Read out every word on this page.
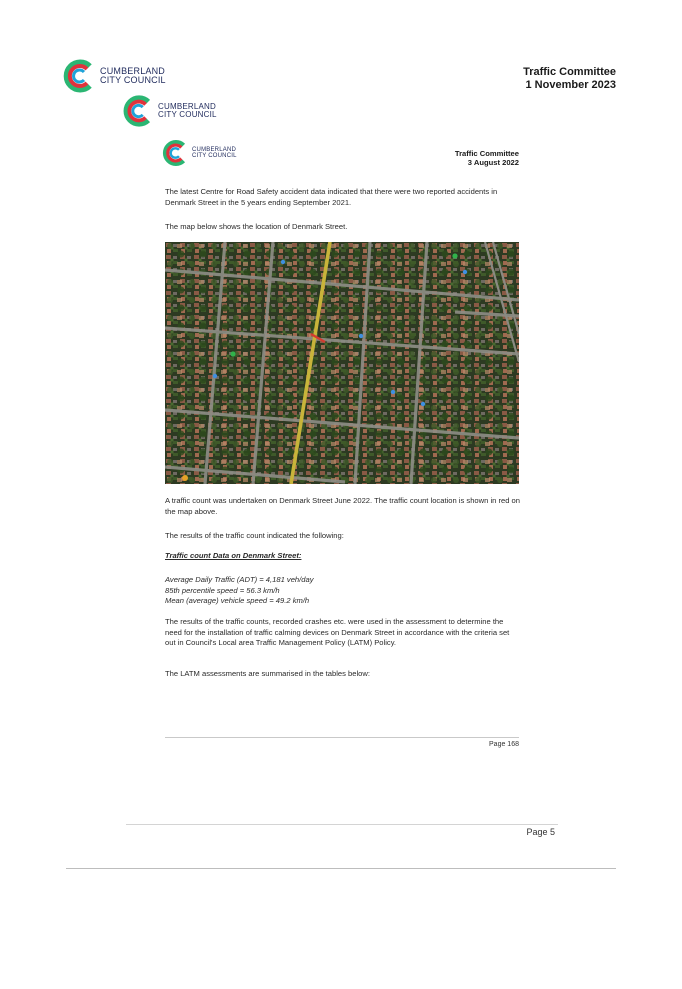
CUMBERLAND
CITY COUNCIL
Traffic Committee
1 November 2023
CUMBERLAND
CITY COUNCIL
CUMBERLAND
CITY COUNCIL	Traffic Committee
3 August 2022
The latest Centre for Road Safety accident data indicated that there were two reported accidents in Denmark Street in the 5 years ending September 2021.
The map below shows the location of Denmark Street.
A traffic count was undertaken on Denmark Street June 2022. The traffic count location is shown in red on the map above.
The results of the traffic count indicated the following:
Traffic count Data on Denmark Street:
Average Daily Traffic (ADT) = 4,181 veh/day
85th percentile speed = 56.3 km/h
Mean (average) vehicle speed = 49.2 km/h
The results of the traffic counts, recorded crashes etc. were used in the assessment to determine the need for the installation of traffic calming devices on Denmark Street in accordance with the criteria set out in Council's Local area Traffic Management Policy (LATM) Policy.
The LATM assessments are summarised in the tables below:
Page 168
Page 5
